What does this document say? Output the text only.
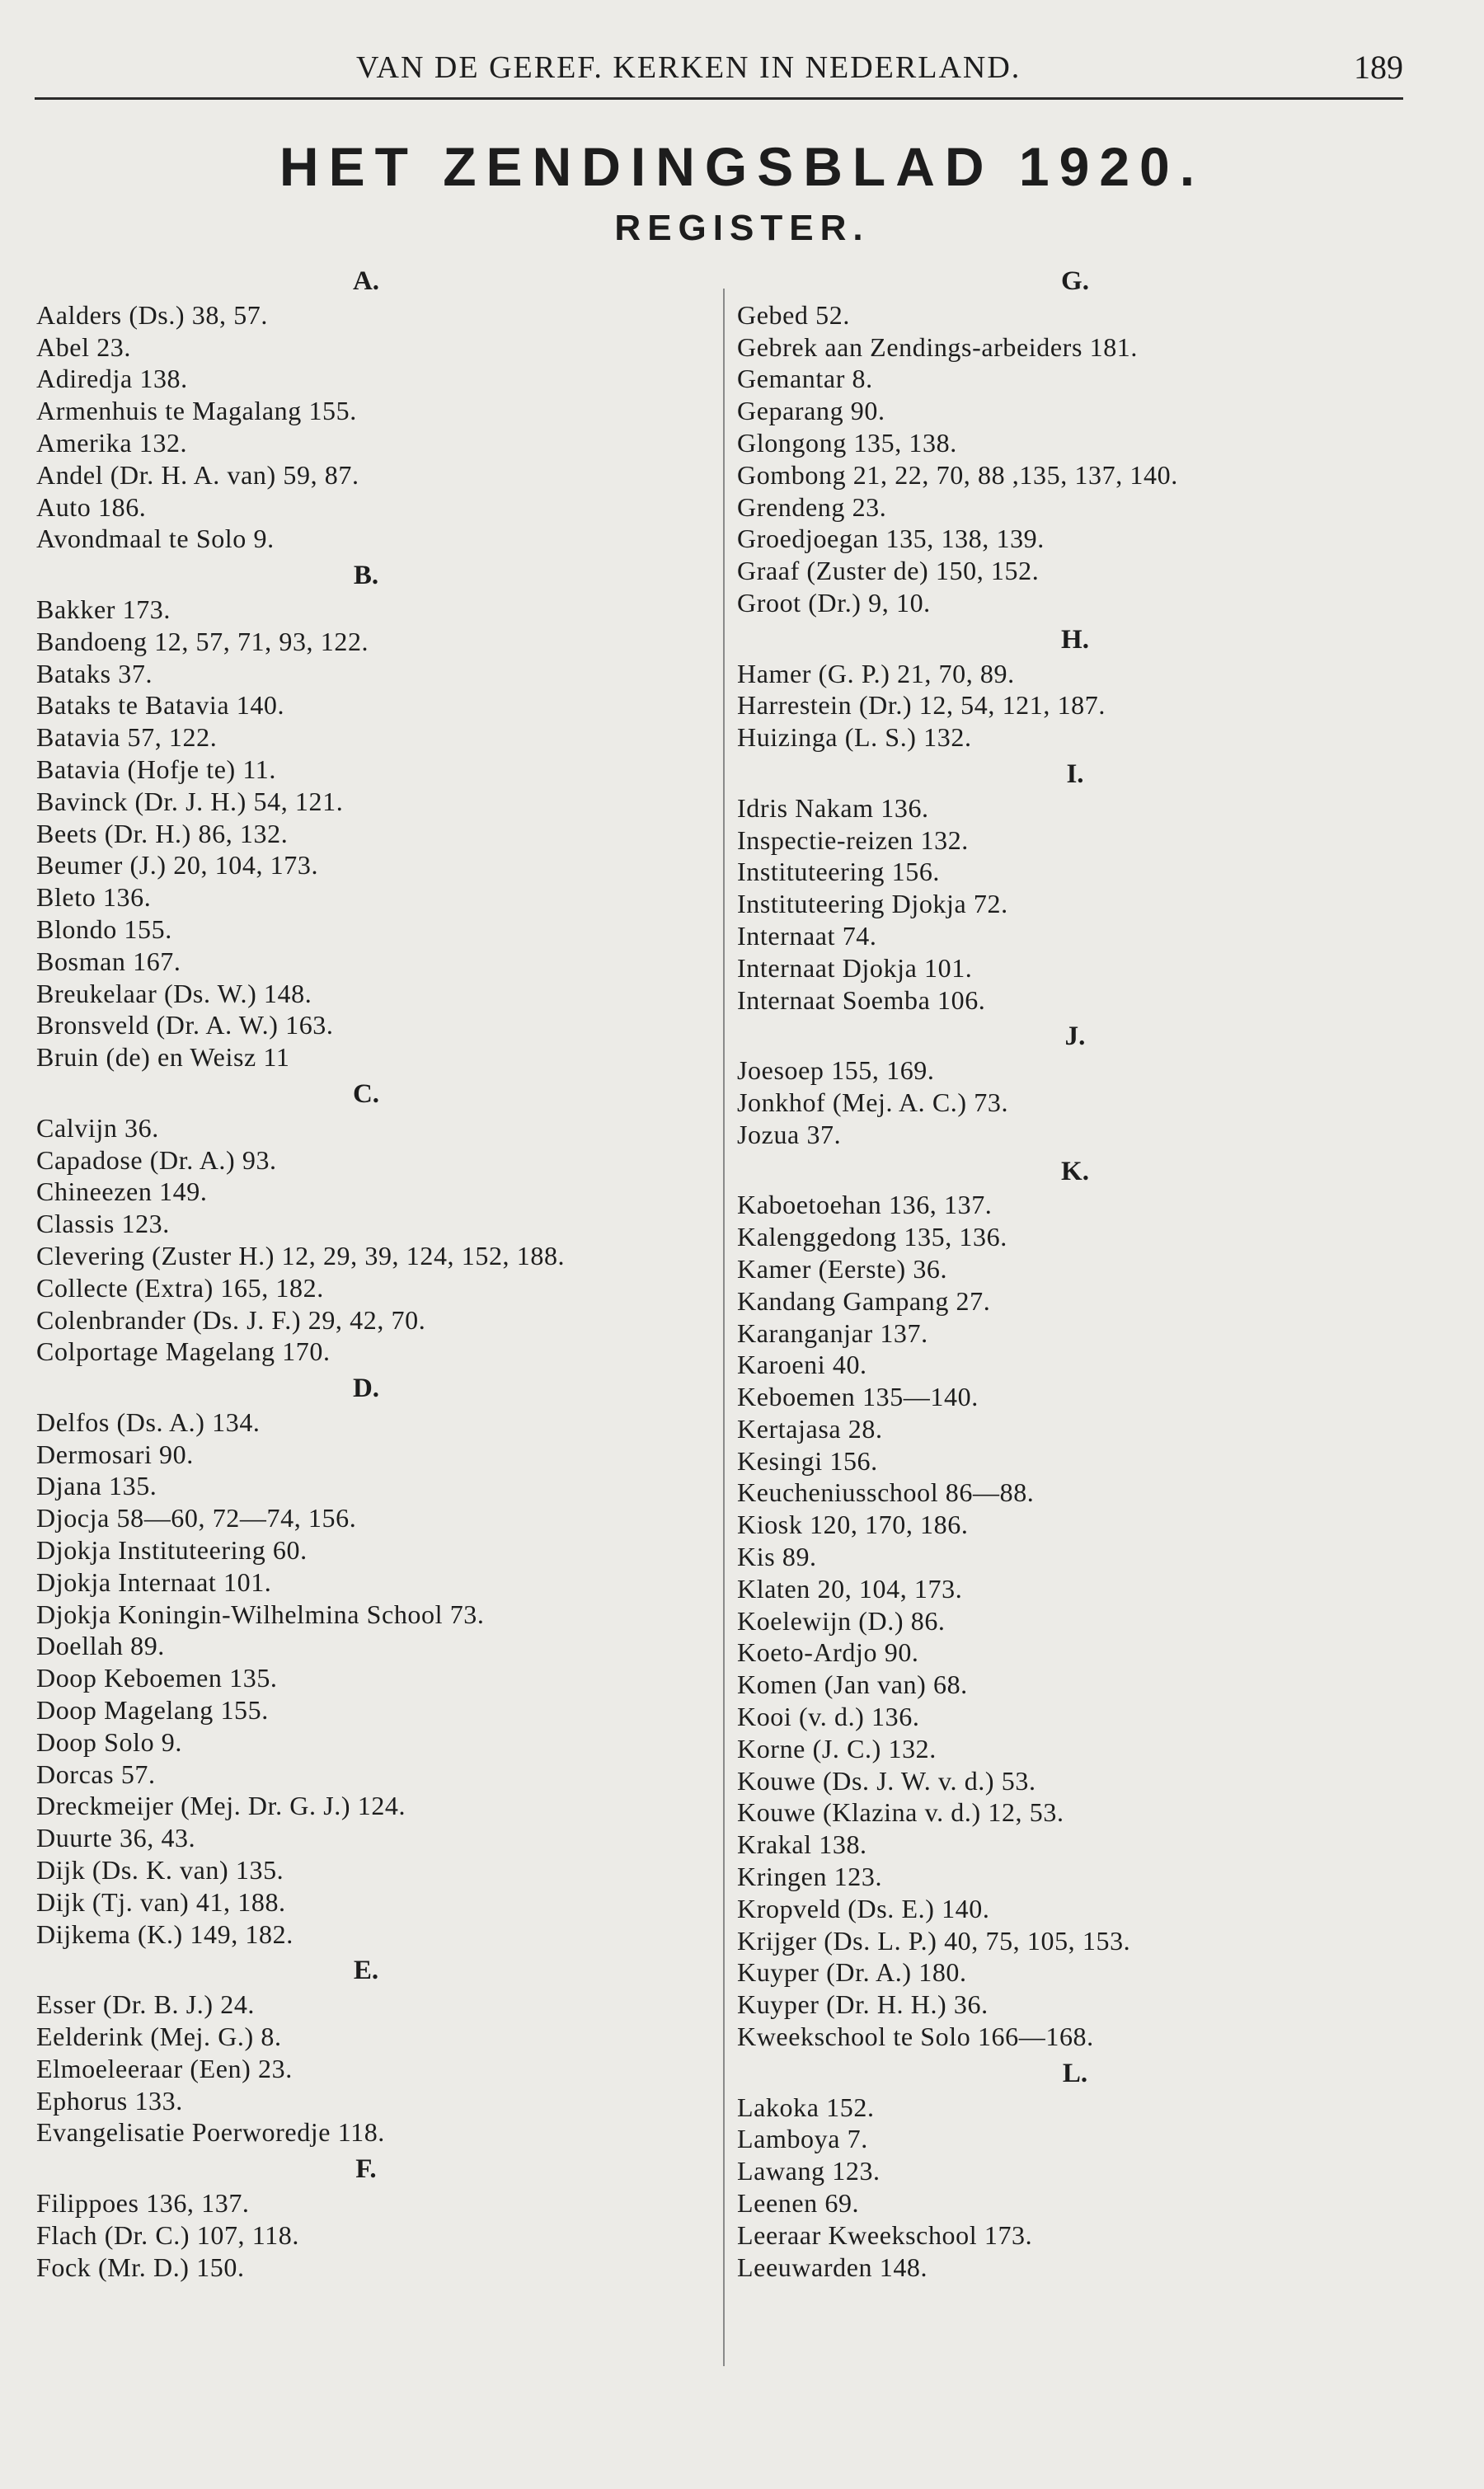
VAN DE GEREF. KERKEN IN NEDERLAND.	189
HET ZENDINGSBLAD 1920.
REGISTER.
A.
Aalders (Ds.) 38, 57.
Abel 23.
Adiredja 138.
Armenhuis te Magalang 155.
Amerika 132.
Andel (Dr. H. A. van) 59, 87.
Auto 186.
Avondmaal te Solo 9.
B.
Bakker 173.
Bandoeng 12, 57, 71, 93, 122.
Bataks 37.
Bataks te Batavia 140.
Batavia 57, 122.
Batavia (Hofje te) 11.
Bavinck (Dr. J. H.) 54, 121.
Beets (Dr. H.) 86, 132.
Beumer (J.) 20, 104, 173.
Bleto 136.
Blondo 155.
Bosman 167.
Breukelaar (Ds. W.) 148.
Bronsveld (Dr. A. W.) 163.
Bruin (de) en Weisz 11
C.
Calvijn 36.
Capadose (Dr. A.) 93.
Chineezen 149.
Classis 123.
Clevering (Zuster H.) 12, 29, 39, 124, 152, 188.
Collecte (Extra) 165, 182.
Colenbrander (Ds. J. F.) 29, 42, 70.
Colportage Magelang 170.
D.
Delfos (Ds. A.) 134.
Dermosari 90.
Djana 135.
Djocja 58—60, 72—74, 156.
Djokja Instituteering 60.
Djokja Internaat 101.
Djokja Koningin-Wilhelmina School 73.
Doellah 89.
Doop Keboemen 135.
Doop Magelang 155.
Doop Solo 9.
Dorcas 57.
Dreckmeijer (Mej. Dr. G. J.) 124.
Duurte 36, 43.
Dijk (Ds. K. van) 135.
Dijk (Tj. van) 41, 188.
Dijkema (K.) 149, 182.
E.
Esser (Dr. B. J.) 24.
Eelderink (Mej. G.) 8.
Elmoeleeraar (Een) 23.
Ephorus 133.
Evangelisatie Poerworedje 118.
F.
Filippoes 136, 137.
Flach (Dr. C.) 107, 118.
Fock (Mr. D.) 150.
G.
Gebed 52.
Gebrek aan Zendings-arbeiders 181.
Gemantar 8.
Geparang 90.
Glongong 135, 138.
Gombong 21, 22, 70, 88 ,135, 137, 140.
Grendeng 23.
Groedjoegan 135, 138, 139.
Graaf (Zuster de) 150, 152.
Groot (Dr.) 9, 10.
H.
Hamer (G. P.) 21, 70, 89.
Harrestein (Dr.) 12, 54, 121, 187.
Huizinga (L. S.) 132.
I.
Idris Nakam 136.
Inspectie-reizen 132.
Instituteering 156.
Instituteering Djokja 72.
Internaat 74.
Internaat Djokja 101.
Internaat Soemba 106.
J.
Joesoep 155, 169.
Jonkhof (Mej. A. C.) 73.
Jozua 37.
K.
Kaboetoehan 136, 137.
Kalenggedong 135, 136.
Kamer (Eerste) 36.
Kandang Gampang 27.
Karanganjar 137.
Karoeni 40.
Keboemen 135—140.
Kertajasa 28.
Kesingi 156.
Keucheniusschool 86—88.
Kiosk 120, 170, 186.
Kis 89.
Klaten 20, 104, 173.
Koelewijn (D.) 86.
Koeto-Ardjo 90.
Komen (Jan van) 68.
Kooi (v. d.) 136.
Korne (J. C.) 132.
Kouwe (Ds. J. W. v. d.) 53.
Kouwe (Klazina v. d.) 12, 53.
Krakal 138.
Kringen 123.
Kropveld (Ds. E.) 140.
Krijger (Ds. L. P.) 40, 75, 105, 153.
Kuyper (Dr. A.) 180.
Kuyper (Dr. H. H.) 36.
Kweekschool te Solo 166—168.
L.
Lakoka 152.
Lamboya 7.
Lawang 123.
Leenen 69.
Leeraar Kweekschool 173.
Leeuwarden 148.
